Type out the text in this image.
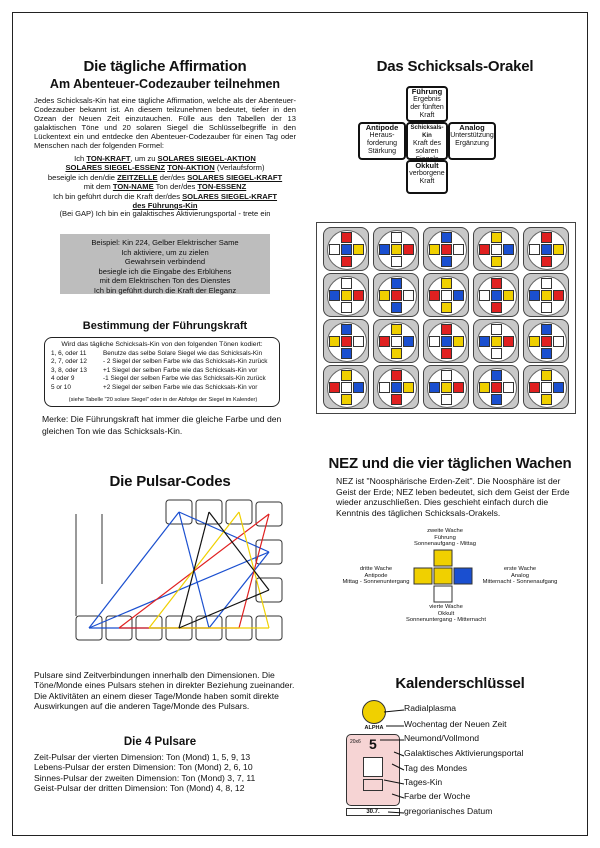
Die tägliche Affirmation
Am Abenteuer-Codezauber teilnehmen
Jedes Schicksals-Kin hat eine tägliche Affirmation, welche als der Abenteuer-Codezauber bekannt ist. An diesem teilzunehmen bedeutet, tiefer in den Ozean der Neuen Zeit einzutauchen. Fülle aus den Tabellen der 13 galaktischen Töne und 20 solaren Siegel die Schlüsselbegriffe in den Lückentext ein und entdecke den Abenteuer-Codezauber für einen Tag oder Menschen nach der folgenden Formel:
Ich TON-KRAFT, um zu SOLARES SIEGEL-AKTION
SOLARES SIEGEL-ESSENZ TON-AKTION (Verlaufsform)
beseigle ich den/die ZEITZELLE der/des SOLARES SIEGEL-KRAFT
mit dem TON-NAME Ton der/des TON-ESSENZ
Ich bin geführt durch die Kraft der/des SOLARES SIEGEL-KRAFT
des Führungs-Kin
(Bei GAP) Ich bin ein galaktisches Aktivierungsportal - trete ein
Beispiel: Kin 224, Gelber Elektrischer Same
Ich aktiviere, um zu zielen
Gewahrsein verbindend
besiegle ich die Eingabe des Erblühens
mit dem Elektrischen Ton des Dienstes
Ich bin geführt durch die Kraft der Eleganz
Bestimmung der Führungskraft
Wird das tägliche Schicksals-Kin von den folgenden Tönen kodiert:
1, 6, oder 11	Benutze das selbe Solare Siegel wie das Schicksals-Kin
2, 7, oder 12	- 2 Siegel der selben Farbe wie das Schicksals-Kin zurück
3, 8, oder 13	+1 Siegel der selben Farbe wie das Schicksals-Kin vor
4 oder 9	-1 Siegel der selben Farbe wie das Schicksals-Kin zurück
5 or 10	+2 Siegel der selben Farbe wie das Schicksals-Kin vor
(siehe Tabelle "20 solare Siegel" oder in der Abfolge der Siegel im Kalender)
Merke: Die Führungskraft hat immer die gleiche Farbe und den gleichen Ton wie das Schicksals-Kin.
Das Schicksals-Orakel
Führung
Ergebnis der fünften Kraft
Antipode
Heraus-forderung Stärkung
Schicksals-Kin
Kraft des solaren
Analog
Unterstützung Ergänzung
Okkult
verborgene Kraft
NEZ und die vier täglichen Wachen
NEZ ist "Noosphärische Erden-Zeit". Die Noosphäre ist der Geist der Erde; NEZ leben bedeutet, sich dem Geist der Erde wieder anzuschließen. Dies geschieht einfach durch die Kenntnis des täglichen Schicksals-Orakels.
zweite Wache
Führung
Sonnenaufgang - Mittag
dritte Wache
Antipode
Mittag - Sonnenuntergang
erste Wache
Analog
Mitternacht - Sonnenaufgang
vierte Wache
Okkult
Sonnenuntergang - Mitternacht
Die Pulsar-Codes
Pulsare sind Zeitverbindungen innerhalb den Dimensionen. Die Töne/Monde eines Pulsars stehen in direkter Beziehung zueinander. Die Aktivitäten an einem dieser Tage/Monde haben somit direkte Auswirkungen auf die anderen Tage/Monde des Pulsars.
Die 4 Pulsare
Zeit-Pulsar der vierten Dimension: Ton (Mond) 1, 5, 9, 13
Lebens-Pulsar der ersten Dimension: Ton (Mond) 2, 6, 10
Sinnes-Pulsar der zweiten Dimension: Ton (Mond) 3, 7, 11
Geist-Pulsar der dritten Dimension: Ton (Mond) 4, 8, 12
Kalenderschlüssel
ALPHA
20x6 5
30.7.
Radialplasma
Wochentag der Neuen Zeit
Neumond/Vollmond
Galaktisches Aktivierungsportal
Tag des Mondes
Tages-Kin
Farbe der Woche
gregorianisches Datum
